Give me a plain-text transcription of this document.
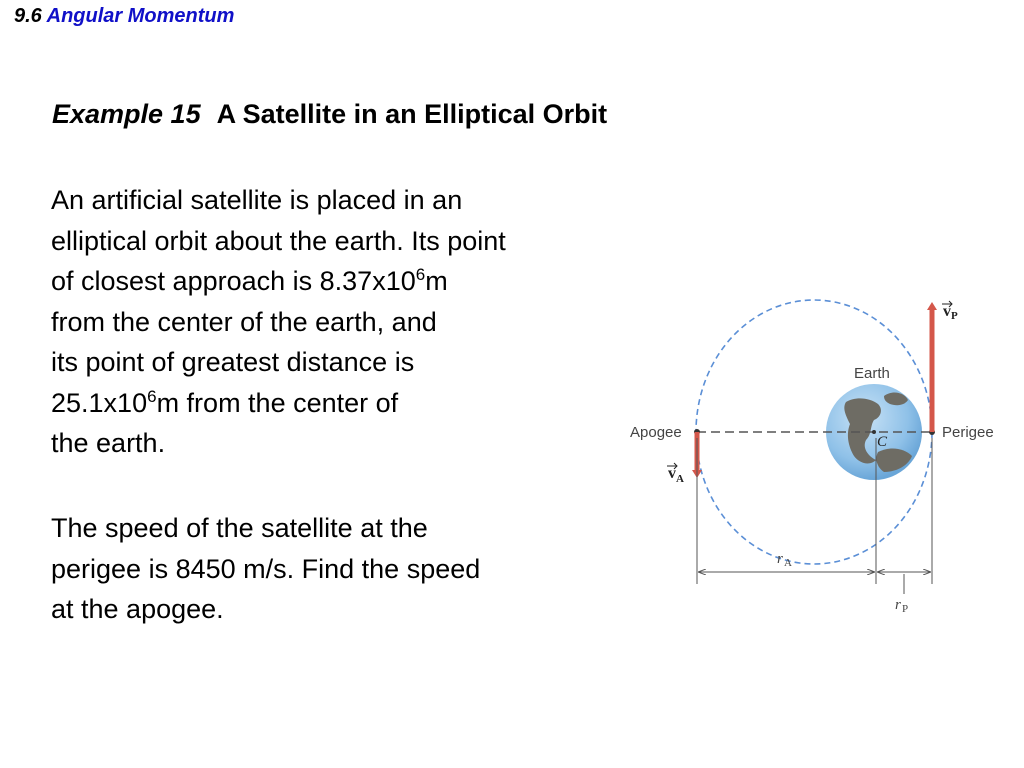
9.6 Angular Momentum
Example 15 A Satellite in an Elliptical Orbit
An artificial satellite is placed in an
elliptical orbit about the earth. Its point
of closest approach is $8.37x10^6m$
from the center of the earth, and
its point of greatest distance is
$25.1x10^6m$ from the center of
the earth.
The speed of the satellite at the
perigee is 8450 m/s. Find the speed
at the apogee.
Earth
Apogee	Perigee
C
v P
v A
r A
r P
